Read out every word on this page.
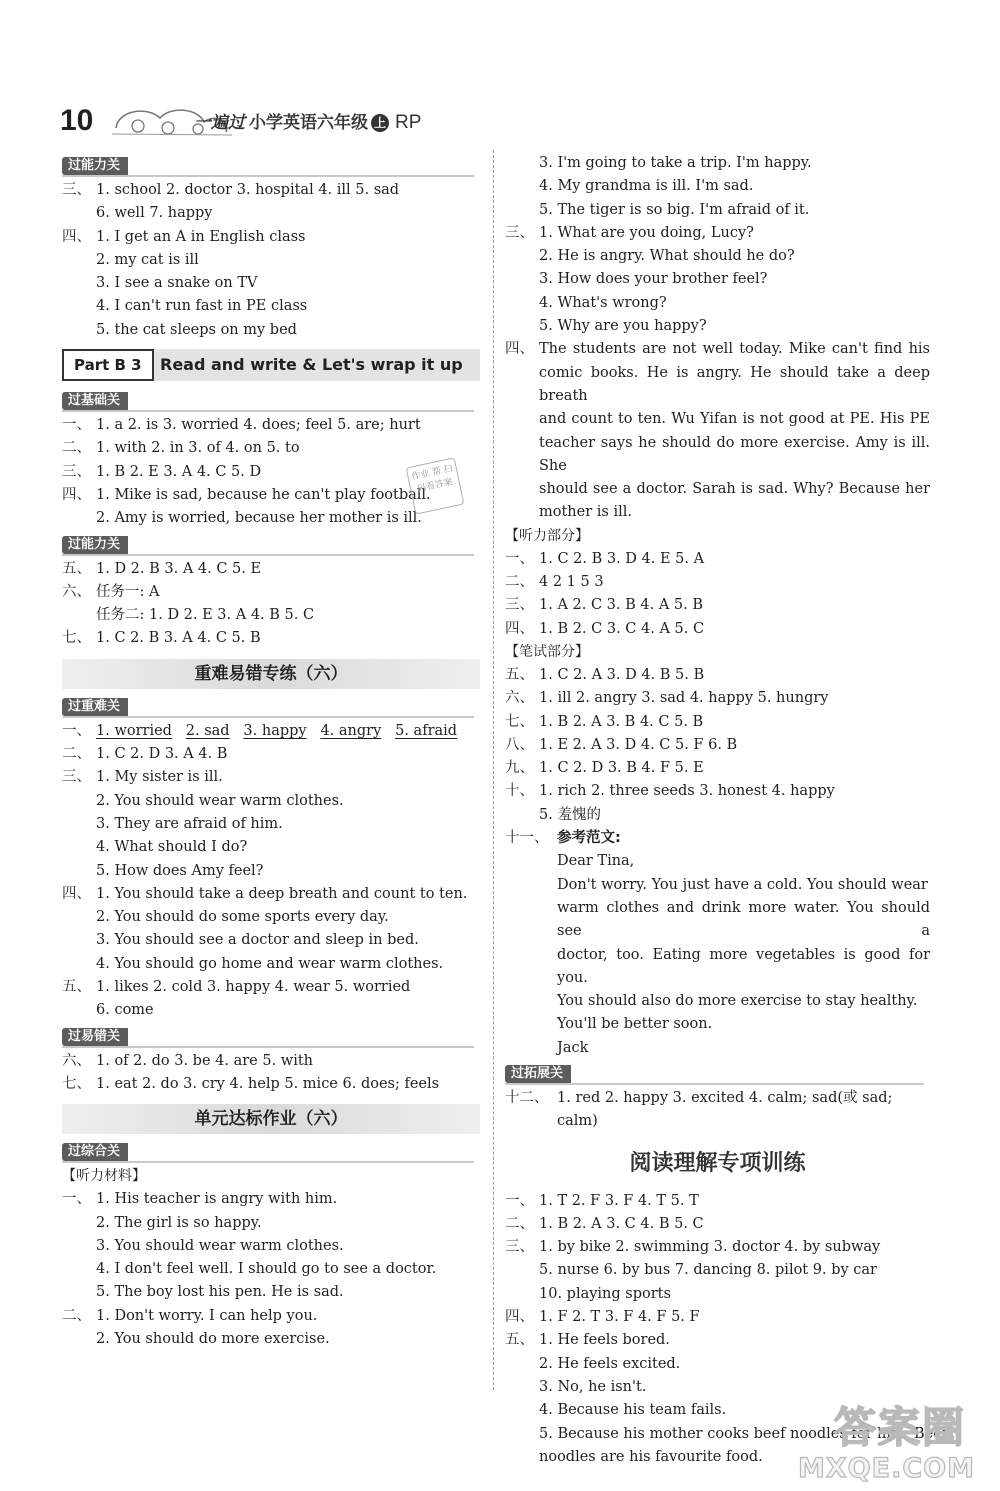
10	一遍过 小学英语六年级 上 RP
过能力关
三、 1. school 2. doctor 3. hospital 4. ill 5. sad
6. well 7. happy
四、 1. I get an A in English class
2. my cat is ill
3. I see a snake on TV
4. I can't run fast in PE class
5. the cat sleeps on my bed
Part B 3	Read and write & Let's wrap it up
过基础关
一、 1. a 2. is 3. worried 4. does; feel 5. are; hurt
二、 1. with 2. in 3. of 4. on 5. to
三、 1. B 2. E 3. A 4. C 5. D
四、 1. Mike is sad, because he can't play football.
2. Amy is worried, because her mother is ill.
过能力关
五、 1. D 2. B 3. A 4. C 5. E
六、 任务一: A
任务二: 1. D 2. E 3. A 4. B 5. C
七、 1. C 2. B 3. A 4. C 5. B
重难易错专练（六）
过重难关
一、 1. worried 2. sad 3. happy 4. angry 5. afraid
二、 1. C 2. D 3. A 4. B
三、 1. My sister is ill.
2. You should wear warm clothes.
3. They are afraid of him.
4. What should I do?
5. How does Amy feel?
四、 1. You should take a deep breath and count to ten.
2. You should do some sports every day.
3. You should see a doctor and sleep in bed.
4. You should go home and wear warm clothes.
五、 1. likes 2. cold 3. happy 4. wear 5. worried
6. come
过易错关
六、 1. of 2. do 3. be 4. are 5. with
七、 1. eat 2. do 3. cry 4. help 5. mice 6. does; feels
单元达标作业（六）
过综合关
【听力材料】
一、 1. His teacher is angry with him.
2. The girl is so happy.
3. You should wear warm clothes.
4. I don't feel well. I should go to see a doctor.
5. The boy lost his pen. He is sad.
二、 1. Don't worry. I can help you.
2. You should do more exercise.
作业 帮 扫码看答案
3. I'm going to take a trip. I'm happy.
4. My grandma is ill. I'm sad.
5. The tiger is so big. I'm afraid of it.
三、 1. What are you doing, Lucy?
2. He is angry. What should he do?
3. How does your brother feel?
4. What's wrong?
5. Why are you happy?
四、 The students are not well today. Mike can't find his
comic books. He is angry. He should take a deep breath
and count to ten. Wu Yifan is not good at PE. His PE
teacher says he should do more exercise. Amy is ill. She
should see a doctor. Sarah is sad. Why? Because her
mother is ill.
【听力部分】
一、 1. C 2. B 3. D 4. E 5. A
二、 4 2 1 5 3
三、 1. A 2. C 3. B 4. A 5. B
四、 1. B 2. C 3. C 4. A 5. C
【笔试部分】
五、 1. C 2. A 3. D 4. B 5. B
六、 1. ill 2. angry 3. sad 4. happy 5. hungry
七、 1. B 2. A 3. B 4. C 5. B
八、 1. E 2. A 3. D 4. C 5. F 6. B
九、 1. C 2. D 3. B 4. F 5. E
十、 1. rich 2. three seeds 3. honest 4. happy
5. 羞愧的
十一、 参考范文:
Dear Tina,
Don't worry. You just have a cold. You should wear
warm clothes and drink more water. You should see a
doctor, too. Eating more vegetables is good for you.
You should also do more exercise to stay healthy.
You'll be better soon.
Jack
过拓展关
十二、 1. red 2. happy 3. excited 4. calm; sad(或 sad;
calm)
阅读理解专项训练
一、 1. T 2. F 3. F 4. T 5. T
二、 1. B 2. A 3. C 4. B 5. C
三、 1. by bike 2. swimming 3. doctor 4. by subway
5. nurse 6. by bus 7. dancing 8. pilot 9. by car
10. playing sports
四、 1. F 2. T 3. F 4. F 5. F
五、 1. He feels bored.
2. He feels excited.
3. No, he isn't.
4. Because his team fails.
5. Because his mother cooks beef noodles for him. Beef
noodles are his favourite food.
答案圈
MXQE.COM
